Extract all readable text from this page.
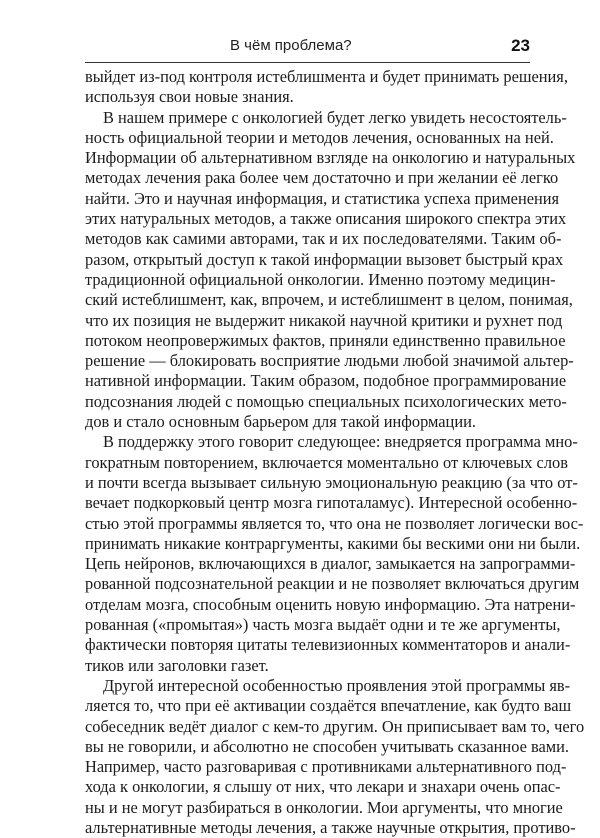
В чём проблема?	23
выйдет из-под контроля истеблишмента и будет принимать решения,
используя свои новые знания.
В нашем примере с онкологией будет легко увидеть несостоятель-
ность официальной теории и методов лечения, основанных на ней.
Информации об альтернативном взгляде на онкологию и натуральных
методах лечения рака более чем достаточно и при желании её легко
найти. Это и научная информация, и статистика успеха применения
этих натуральных методов, а также описания широкого спектра этих
методов как самими авторами, так и их последователями. Таким об-
разом, открытый доступ к такой информации вызовет быстрый крах
традиционной официальной онкологии. Именно поэтому медицин-
ский истеблишмент, как, впрочем, и истеблишмент в целом, понимая,
что их позиция не выдержит никакой научной критики и рухнет под
потоком неопровержимых фактов, приняли единственно правильное
решение — блокировать восприятие людьми любой значимой альтер-
нативной информации. Таким образом, подобное программирование
подсознания людей с помощью специальных психологических мето-
дов и стало основным барьером для такой информации.
В поддержку этого говорит следующее: внедряется программа мно-
гократным повторением, включается моментально от ключевых слов
и почти всегда вызывает сильную эмоциональную реакцию (за что от-
вечает подкорковый центр мозга гипоталамус). Интересной особенно-
стью этой программы является то, что она не позволяет логически вос-
принимать никакие контраргументы, какими бы вескими они ни были.
Цепь нейронов, включающихся в диалог, замыкается на запрограмми-
рованной подсознательной реакции и не позволяет включаться другим
отделам мозга, способным оценить новую информацию. Эта натрени-
рованная («промытая») часть мозга выдаёт одни и те же аргументы,
фактически повторяя цитаты телевизионных комментаторов и анали-
тиков или заголовки газет.
Другой интересной особенностью проявления этой программы яв-
ляется то, что при её активации создаётся впечатление, как будто ваш
собеседник ведёт диалог с кем-то другим. Он приписывает вам то, чего
вы не говорили, и абсолютно не способен учитывать сказанное вами.
Например, часто разговаривая с противниками альтернативного под-
хода к онкологии, я слышу от них, что лекари и знахари очень опас-
ны и не могут разбираться в онкологии. Мои аргументы, что многие
альтернативные методы лечения, а также научные открытия, противо-
